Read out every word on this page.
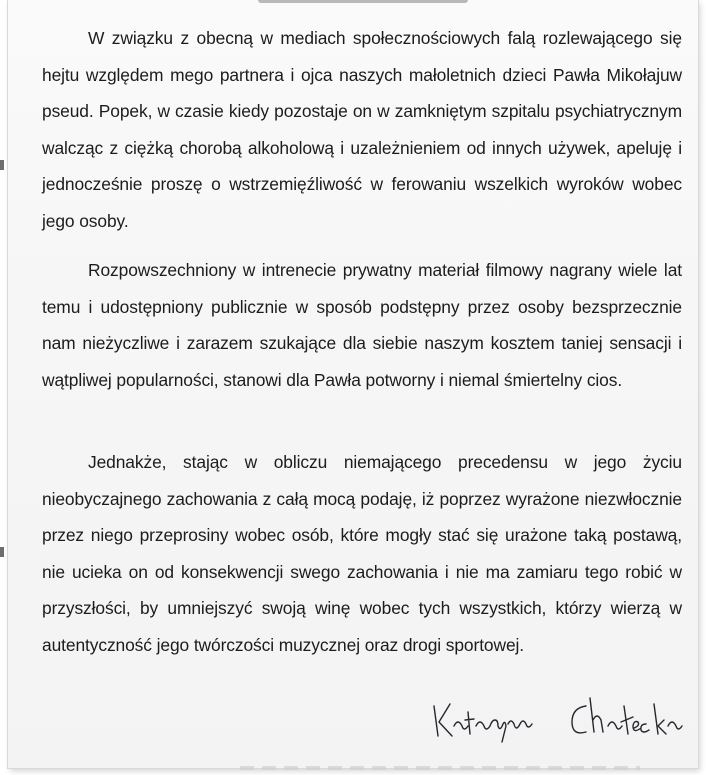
W związku z obecną w mediach społecznościowych falą rozlewającego się hejtu względem mego partnera i ojca naszych małoletnich dzieci Pawła Mikołajuw pseud. Popek, w czasie kiedy pozostaje on w zamkniętym szpitalu psychiatrycznym walcząc z ciężką chorobą alkoholową i uzależnieniem od innych używek, apeluję i jednocześnie proszę o wstrzemięźliwość w ferowaniu wszelkich wyroków wobec jego osoby.

Rozpowszechniony w intrenecie prywatny materiał filmowy nagrany wiele lat temu i udostępniony publicznie w sposób podstępny przez osoby bezsprzecznie nam nieżyczliwe i zarazem szukające dla siebie naszym kosztem taniej sensacji i wątpliwej popularności, stanowi dla Pawła potworny i niemal śmiertelny cios.

Jednakże, stając w obliczu niemającego precedensu w jego życiu nieobyczajnego zachowania z całą mocą podaję, iż poprzez wyrażone niezwłocznie przez niego przeprosiny wobec osób, które mogły stać się urażone taką postawą, nie ucieka on od konsekwencji swego zachowania i nie ma zamiaru tego robić w przyszłości, by umniejszyć swoją winę wobec tych wszystkich, którzy wierzą w autentyczność jego twórczości muzycznej oraz drogi sportowej.
